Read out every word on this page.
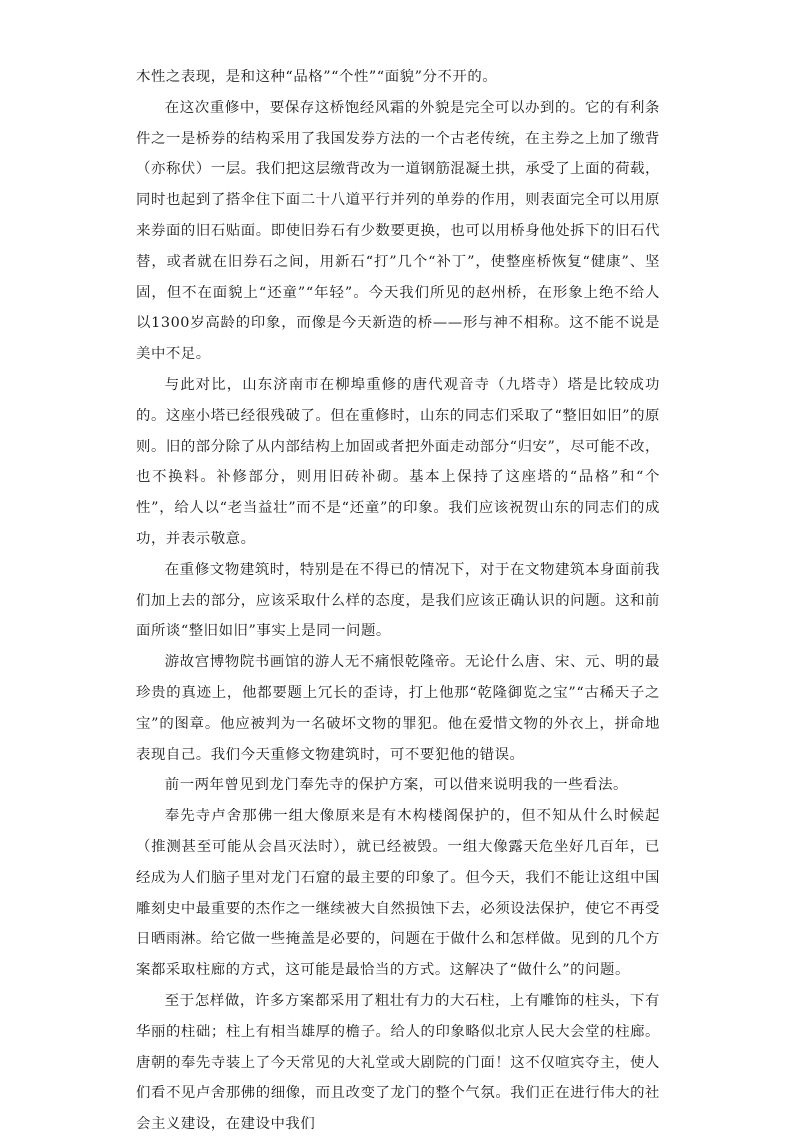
木性之表现，是和这种“品格”“个性”“面貌”分不开的。

在这次重修中，要保存这桥饱经风霜的外貌是完全可以办到的。它的有利条件之一是桥券的结构采用了我国发券方法的一个古老传统，在主券之上加了缴背（亦称伏）一层。我们把这层缴背改为一道钢筋混凝土拱，承受了上面的荷载，同时也起到了搭伞住下面二十八道平行并列的单券的作用，则表面完全可以用原来券面的旧石贴面。即使旧券石有少数要更换，也可以用桥身他处拆下的旧石代替，或者就在旧券石之间，用新石“打”几个“补丁”，使整座桥恢复“健康”、坚固，但不在面貌上“还童”“年轻”。今天我们所见的赵州桥，在形象上绝不给人以1300岁高龄的印象，而像是今天新造的桥——形与神不相称。这不能不说是美中不足。

与此对比，山东济南市在柳埠重修的唐代观音寺（九塔寺）塔是比较成功的。这座小塔已经很残破了。但在重修时，山东的同志们采取了“整旧如旧”的原则。旧的部分除了从内部结构上加固或者把外面走动部分“归安”，尽可能不改，也不换料。补修部分，则用旧砖补砌。基本上保持了这座塔的“品格”和“个性”，给人以“老当益壮”而不是“还童”的印象。我们应该祝贺山东的同志们的成功，并表示敬意。

在重修文物建筑时，特别是在不得已的情况下，对于在文物建筑本身面前我们加上去的部分，应该采取什么样的态度，是我们应该正确认识的问题。这和前面所谈“整旧如旧”事实上是同一问题。

游故宫博物院书画馆的游人无不痛恨乾隆帝。无论什么唐、宋、元、明的最珍贵的真迹上，他都要题上冗长的歪诗，打上他那“乾隆御览之宝”“古稀天子之宝”的图章。他应被判为一名破坏文物的罪犯。他在爱惜文物的外衣上，拼命地表现自己。我们今天重修文物建筑时，可不要犯他的错误。

前一两年曾见到龙门奉先寺的保护方案，可以借来说明我的一些看法。

奉先寺卢舍那佛一组大像原来是有木构楼阁保护的，但不知从什么时候起（推测甚至可能从会昌灭法时），就已经被毁。一组大像露天危坐好几百年，已经成为人们脑子里对龙门石窟的最主要的印象了。但今天，我们不能让这组中国雕刻史中最重要的杰作之一继续被大自然损蚀下去，必须设法保护，使它不再受日晒雨淋。给它做一些掩盖是必要的，问题在于做什么和怎样做。见到的几个方案都采取柱廊的方式，这可能是最恰当的方式。这解决了“做什么”的问题。

至于怎样做，许多方案都采用了粗壮有力的大石柱，上有雕饰的柱头，下有华丽的柱础；柱上有相当雄厚的檐子。给人的印象略似北京人民大会堂的柱廊。唐朝的奉先寺装上了今天常见的大礼堂或大剧院的门面！这不仅喧宾夺主，使人们看不见卢舍那佛的细像，而且改变了龙门的整个气氛。我们正在进行伟大的社会主义建设，在建设中我们
